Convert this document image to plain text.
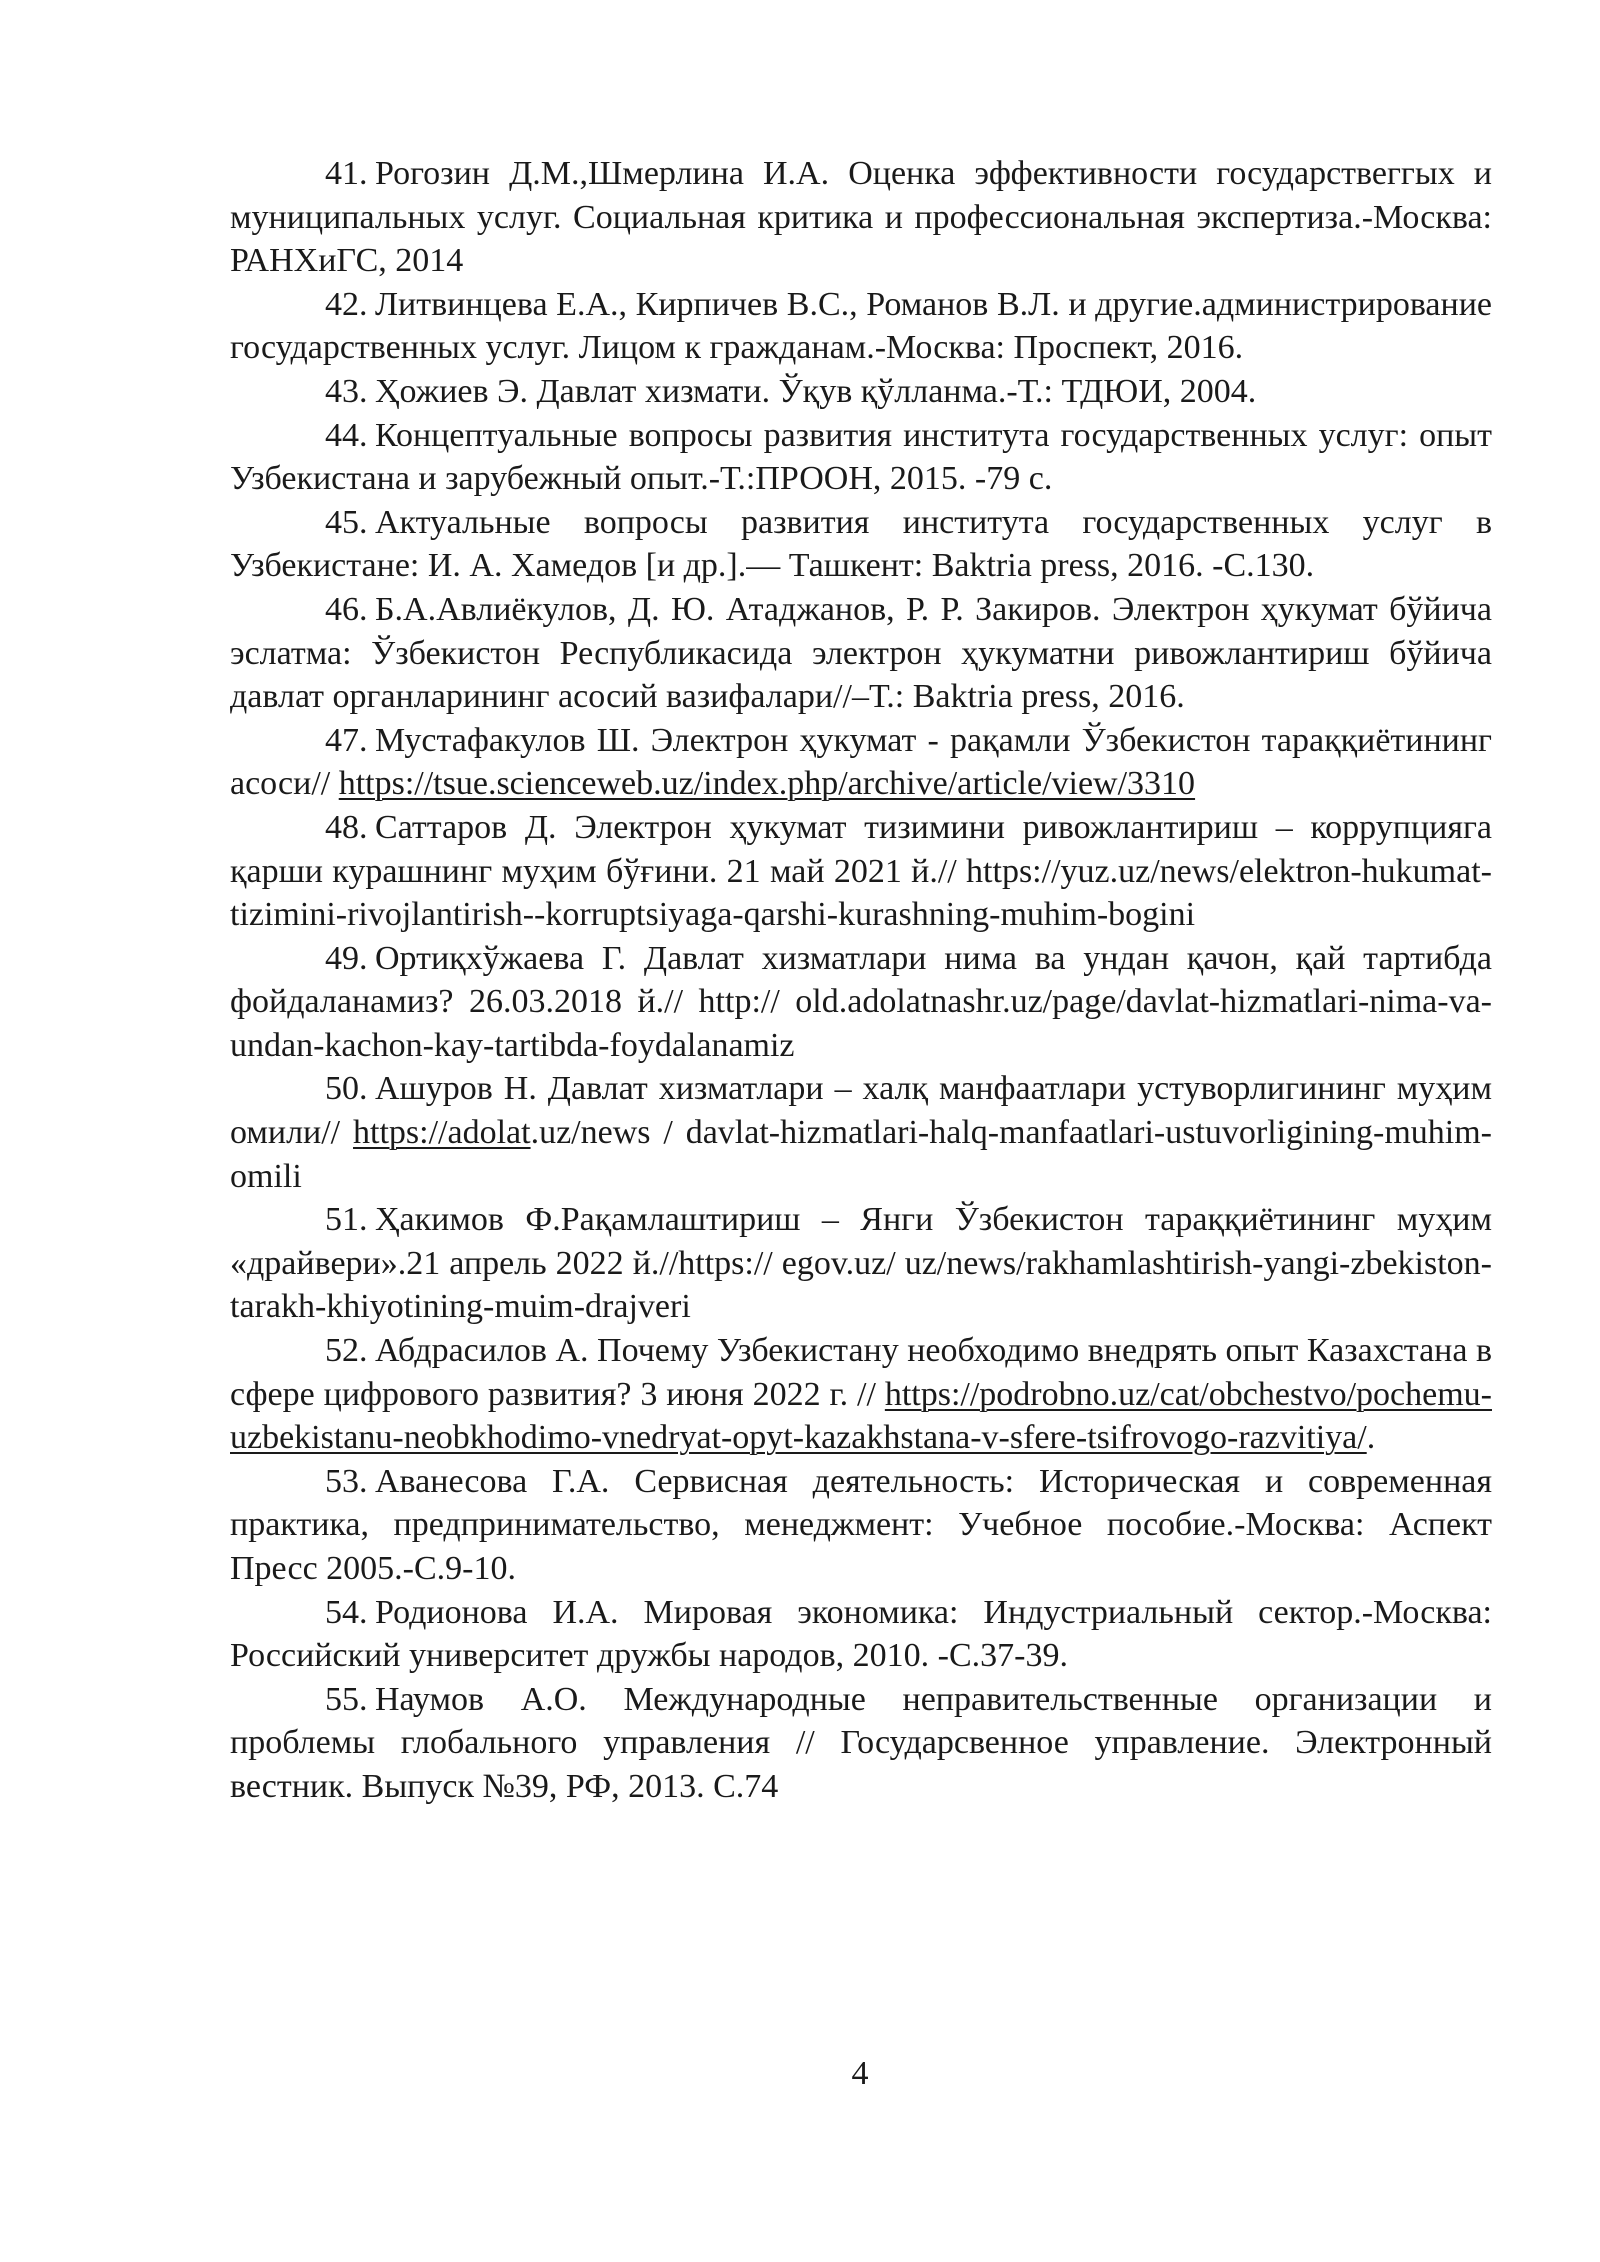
41. Рогозин Д.М.,Шмерлина И.А. Оценка эффективности государствеггых и муниципальных услуг. Социальная критика и профессиональная экспертиза.-Москва: РАНХиГС, 2014

42. Литвинцева Е.А., Кирпичев В.С., Романов В.Л. и другие.администрирование государственных услуг. Лицом к гражданам.-Москва: Проспект, 2016.

43. Ҳожиев Э. Давлат хизмати. Ўқув қўлланма.-Т.: ТДЮИ, 2004.

44. Концептуальные вопросы развития института государственных услуг: опыт Узбекистана и зарубежный опыт.-Т.:ПРООН, 2015. -79 с.

45. Актуальные вопросы развития института государственных услуг в Узбекистане: И. А. Хамедов [и др.].— Ташкент: Baktria press, 2016. -С.130.

46. Б.А.Авлиёкулов, Д. Ю. Атаджанов, Р. Р. Закиров. Электрон ҳукумат бўйича эслатма: Ўзбекистон Республикасида электрон ҳукуматни ривожлантириш бўйича давлат органларининг асосий вазифалари//–Т.: Baktria press, 2016.

47. Мустафакулов Ш. Электрон ҳукумат - рақамли Ўзбекистон тараққиётининг асоси// https://tsue.scienceweb.uz/index.php/archive/article/view/3310

48. Саттаров Д. Электрон ҳукумат тизимини ривожлантириш – коррупцияга қарши курашнинг муҳим бўғини. 21 май 2021 й.// https://yuz.uz/news/elektron-hukumat-tizimini-rivojlantirish--korruptsiyaga-qarshi-kurashning-muhim-bogini

49. Ортиқхўжаева Г. Давлат хизматлари нима ва ундан қачон, қай тартибда фойдаланамиз? 26.03.2018 й.// http:// old.adolatnashr.uz/page/davlat-hizmatlari-nima-va-undan-kachon-kay-tartibda-foydalanamiz

50. Ашуров Н. Давлат хизматлари – халқ манфаатлари устуворлигининг муҳим омили// https://adolat.uz/news / davlat-hizmatlari-halq-manfaatlari-ustuvorligining-muhim-omili

51. Ҳакимов Ф.Рақамлаштириш – Янги Ўзбекистон тараққиётининг муҳим «драйвери».21 апрель 2022 й.//https:// egov.uz/ uz/news/rakhamlashtirish-yangi-zbekiston-tarakh-khiyotining-muim-drajveri

52. Абдрасилов А. Почему Узбекистану необходимо внедрять опыт Казахстана в сфере цифрового развития? 3 июня 2022 г. // https://podrobno.uz/cat/obchestvo/pochemu-uzbekistanu-neobkhodimo-vnedryat-opyt-kazakhstana-v-sfere-tsifrovogo-razvitiya/.

53. Аванесова Г.А. Сервисная деятельность: Историческая и современная практика, предпринимательство, менеджмент: Учебное пособие.-Москва: Аспект Пресс 2005.-С.9-10.

54. Родионова И.А. Мировая экономика: Индустриальный сектор.-Москва: Российский университет дружбы народов, 2010. -С.37-39.

55. Наумов А.О. Международные неправительственные организации и проблемы глобального управления // Государсвенное управление. Электронный вестник. Выпуск №39, РФ, 2013. С.74

4
